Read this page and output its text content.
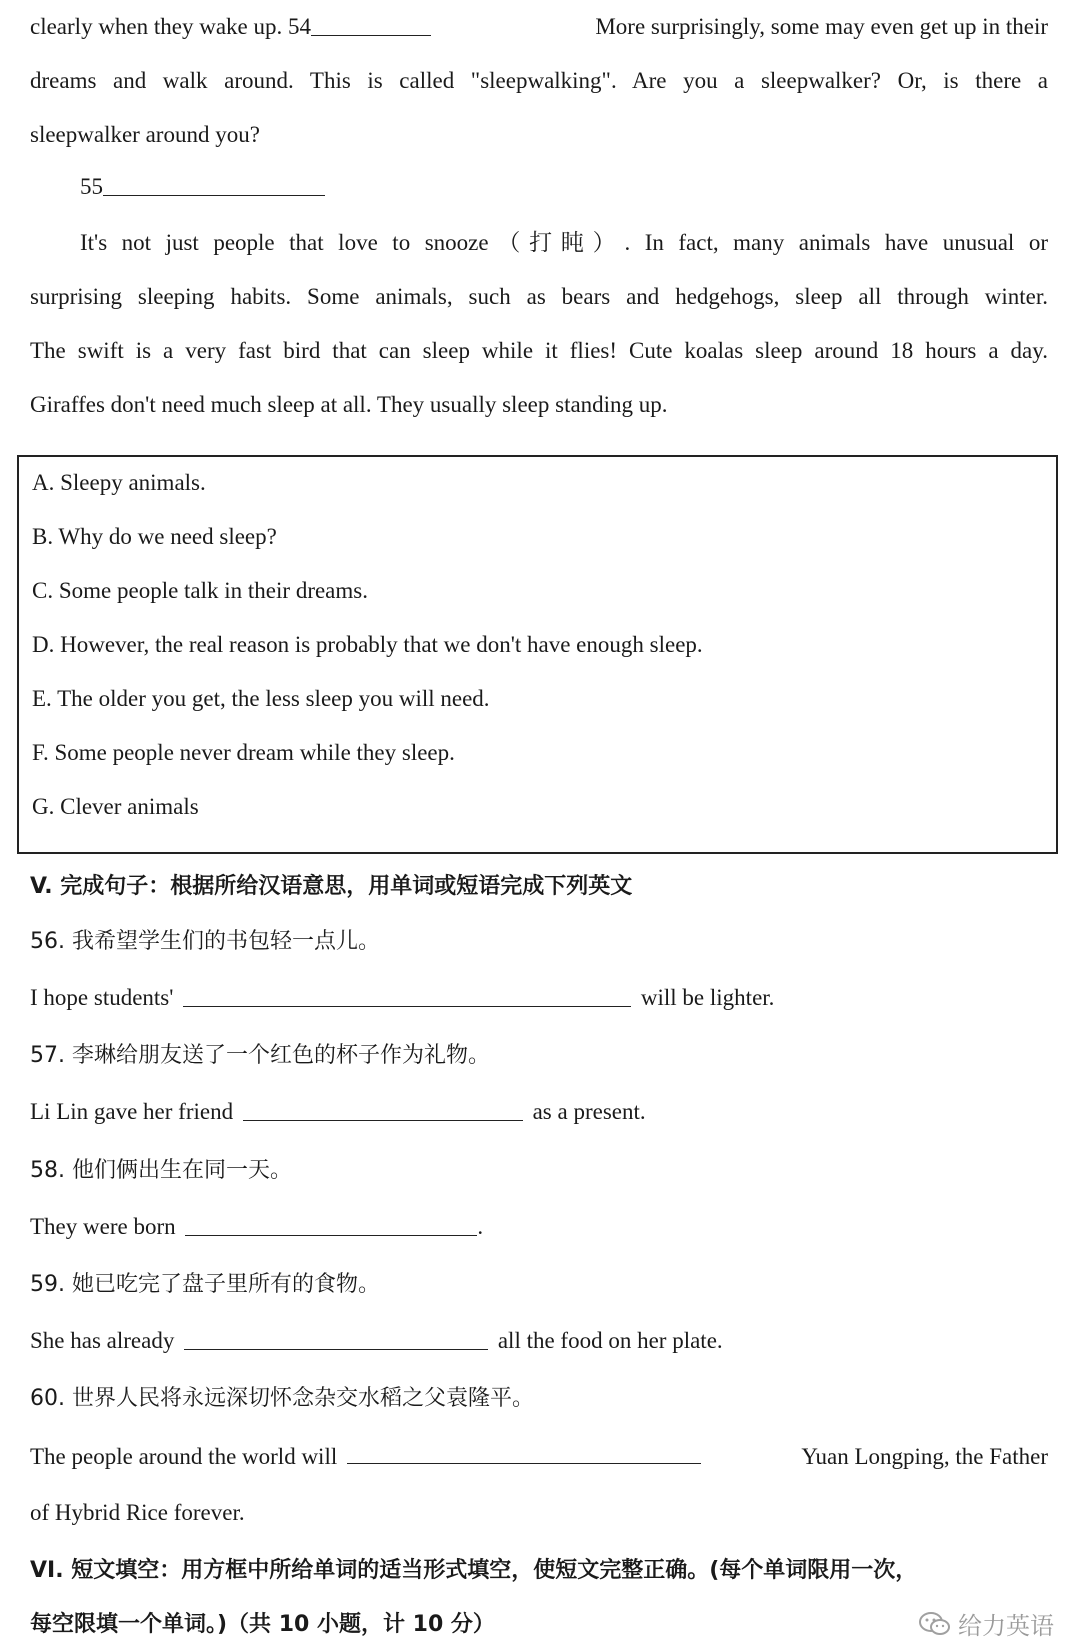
clearly when they wake up. 54	More surprisingly, some may even get up in their
dreams and walk around. This is called "sleepwalking". Are you a sleepwalker? Or, is there a
sleepwalker around you?
55
It's not just people that love to snooze（打盹）. In fact, many animals have unusual or
surprising sleeping habits. Some animals, such as bears and hedgehogs, sleep all through winter.
The swift is a very fast bird that can sleep while it flies! Cute koalas sleep around 18 hours a day.
Giraffes don't need much sleep at all. They usually sleep standing up.
A. Sleepy animals.
B. Why do we need sleep?
C. Some people talk in their dreams.
D. However, the real reason is probably that we don't have enough sleep.
E. The older you get, the less sleep you will need.
F. Some people never dream while they sleep.
G. Clever animals
V. 完成句子：根据所给汉语意思，用单词或短语完成下列英文
56. 我希望学生们的书包轻一点儿。
I hope students'	will be lighter.
57. 李琳给朋友送了一个红色的杯子作为礼物。
Li Lin gave her friend	as a present.
58. 他们俩出生在同一天。
They were born	.
59. 她已吃完了盘子里所有的食物。
She has already	all the food on her plate.
60. 世界人民将永远深切怀念杂交水稻之父袁隆平。
The people around the world will	Yuan Longping, the Father
of Hybrid Rice forever.
VI. 短文填空：用方框中所给单词的适当形式填空，使短文完整正确。(每个单词限用一次，
每空限填一个单词。)（共 10 小题，计 10 分）	给力英语
